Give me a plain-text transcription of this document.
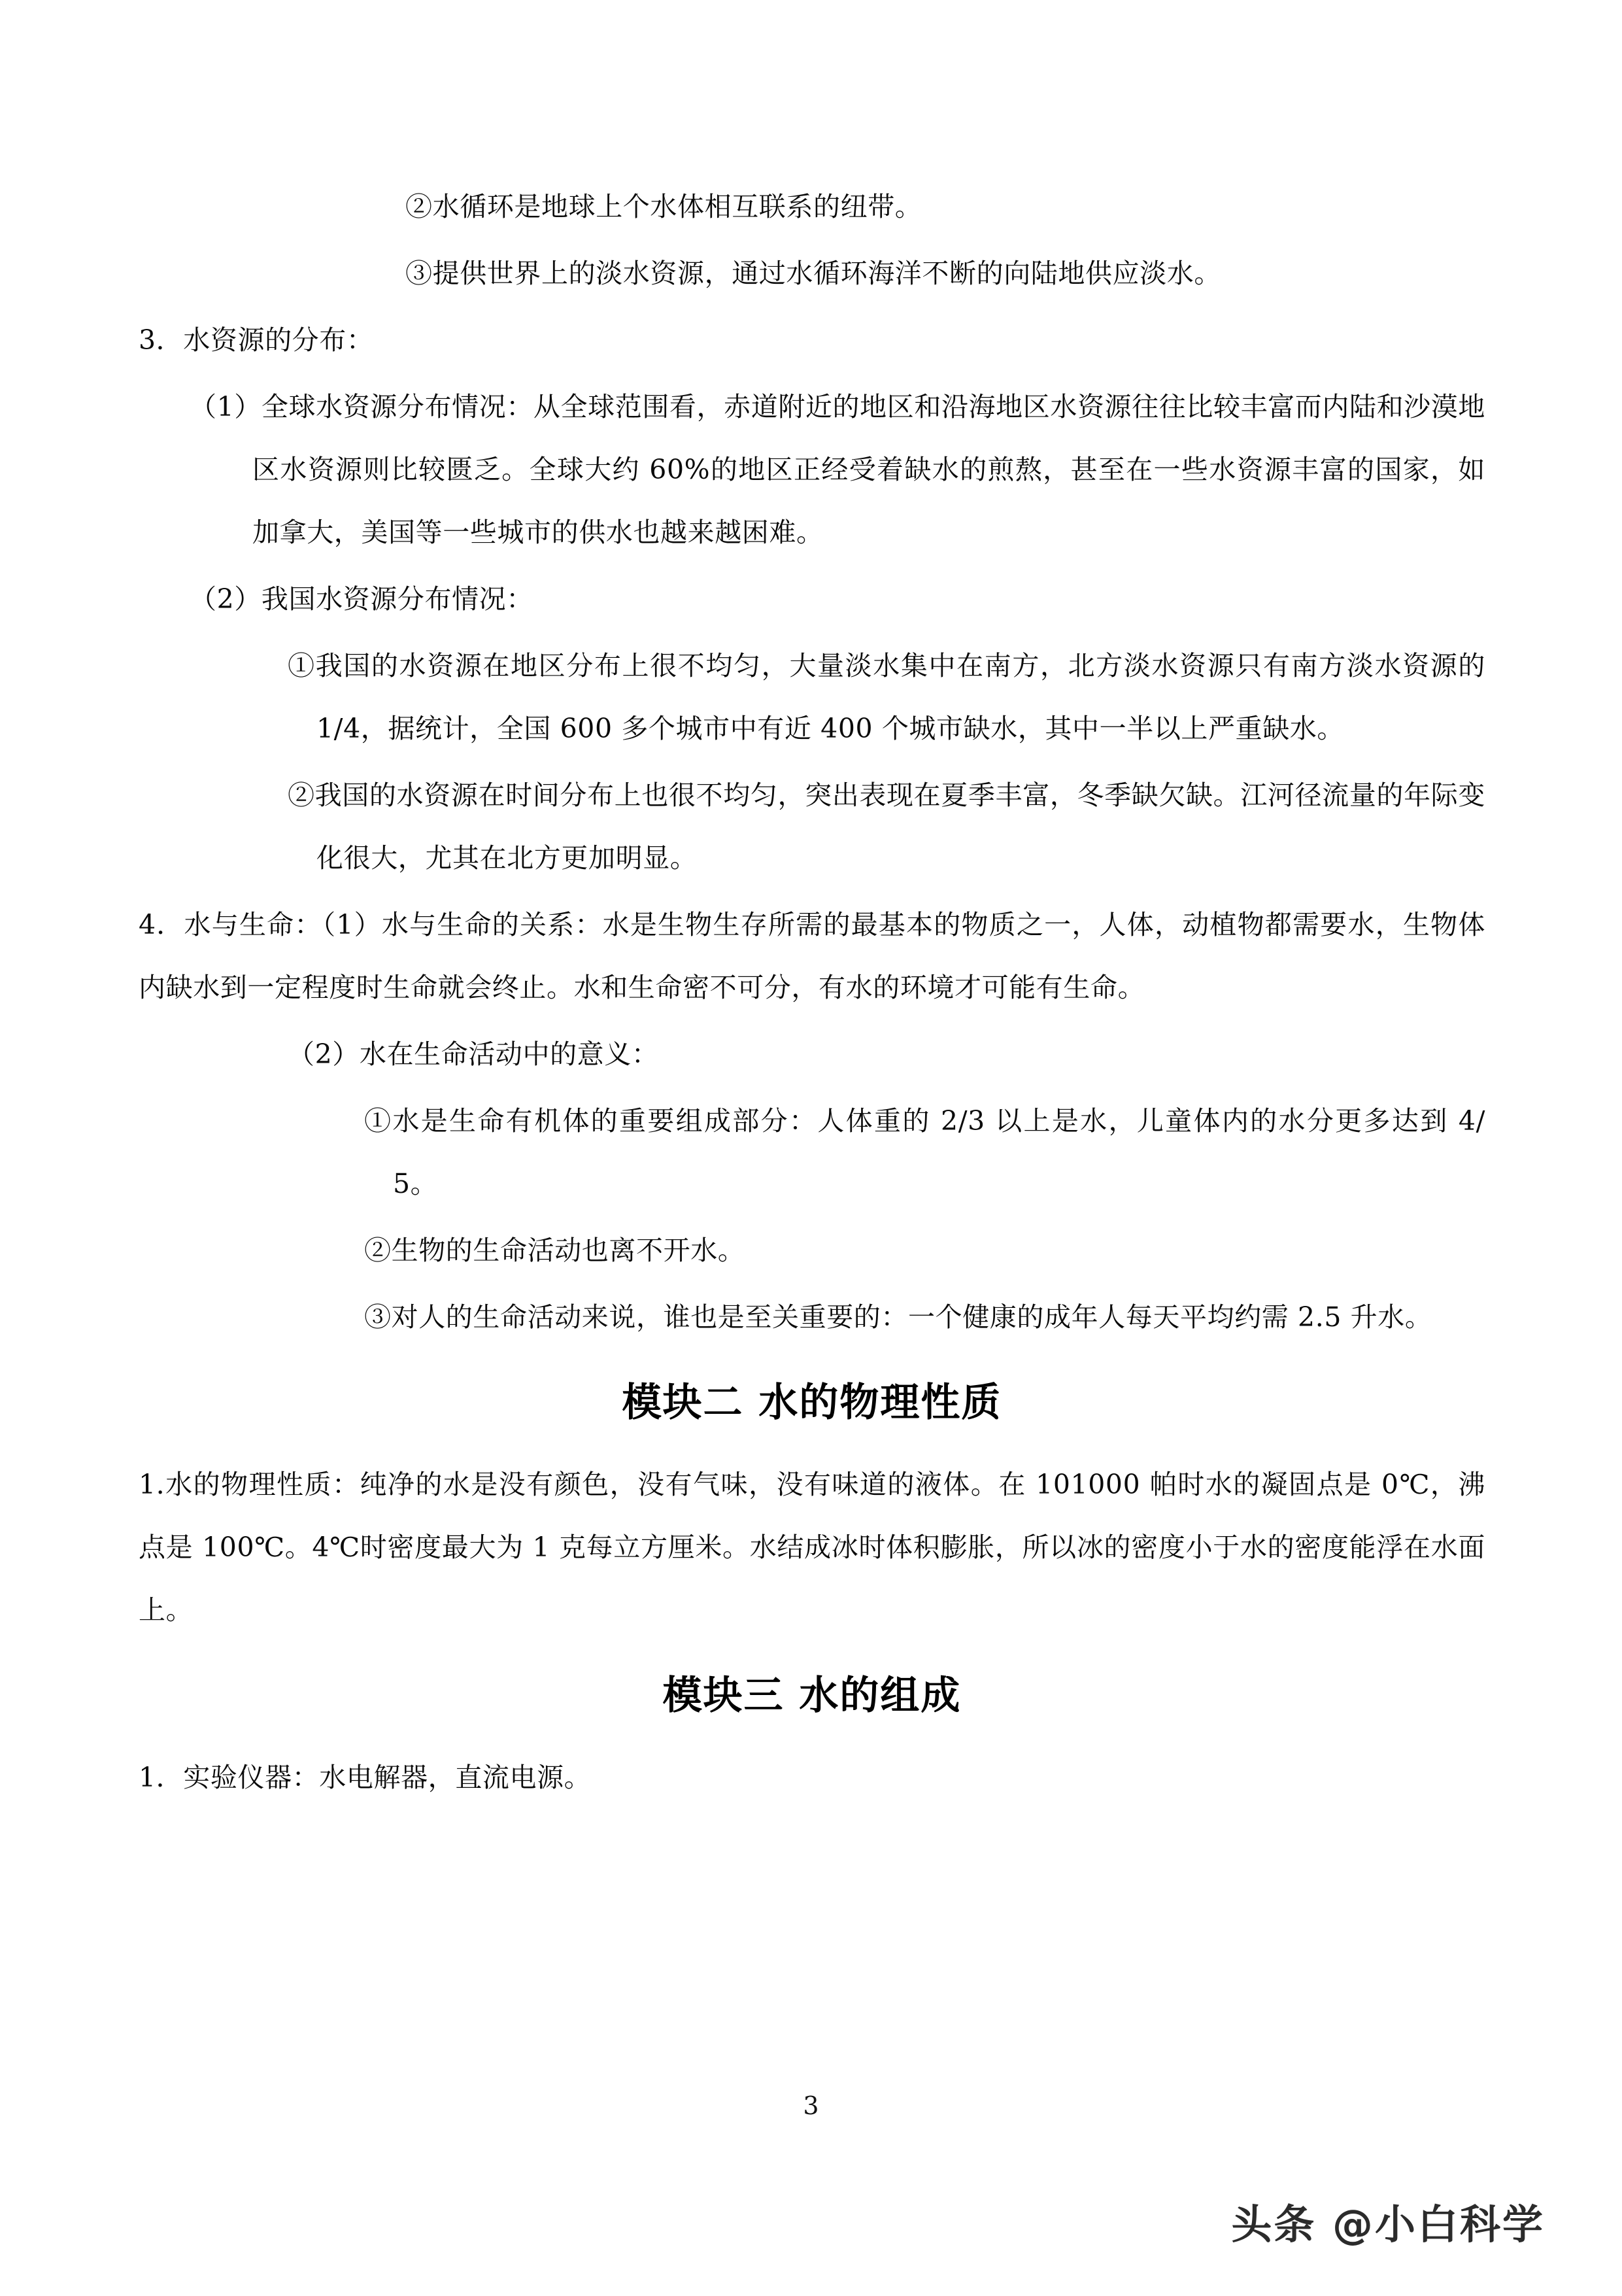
②水循环是地球上个水体相互联系的纽带。

③提供世界上的淡水资源，通过水循环海洋不断的向陆地供应淡水。

3．水资源的分布：

（1）全球水资源分布情况：从全球范围看，赤道附近的地区和沿海地区水资源往往比较丰富而内陆和沙漠地区水资源则比较匮乏。全球大约 60%的地区正经受着缺水的煎熬，甚至在一些水资源丰富的国家，如加拿大，美国等一些城市的供水也越来越困难。

（2）我国水资源分布情况：

①我国的水资源在地区分布上很不均匀，大量淡水集中在南方，北方淡水资源只有南方淡水资源的 1/4，据统计，全国 600 多个城市中有近 400 个城市缺水，其中一半以上严重缺水。

②我国的水资源在时间分布上也很不均匀，突出表现在夏季丰富，冬季缺欠缺。江河径流量的年际变化很大，尤其在北方更加明显。

4．水与生命：（1）水与生命的关系：水是生物生存所需的最基本的物质之一，人体，动植物都需要水，生物体内缺水到一定程度时生命就会终止。水和生命密不可分，有水的环境才可能有生命。

（2）水在生命活动中的意义：

①水是生命有机体的重要组成部分：人体重的 2/3 以上是水，儿童体内的水分更多达到 4/5。

②生物的生命活动也离不开水。

③对人的生命活动来说，谁也是至关重要的：一个健康的成年人每天平均约需 2.5 升水。

模块二 水的物理性质

1.水的物理性质：纯净的水是没有颜色，没有气味，没有味道的液体。在 101000 帕时水的凝固点是 0℃，沸点是 100℃。4℃时密度最大为 1 克每立方厘米。水结成冰时体积膨胀，所以冰的密度小于水的密度能浮在水面上。

模块三 水的组成

1．实验仪器：水电解器，直流电源。

3
头条 @小白科学
